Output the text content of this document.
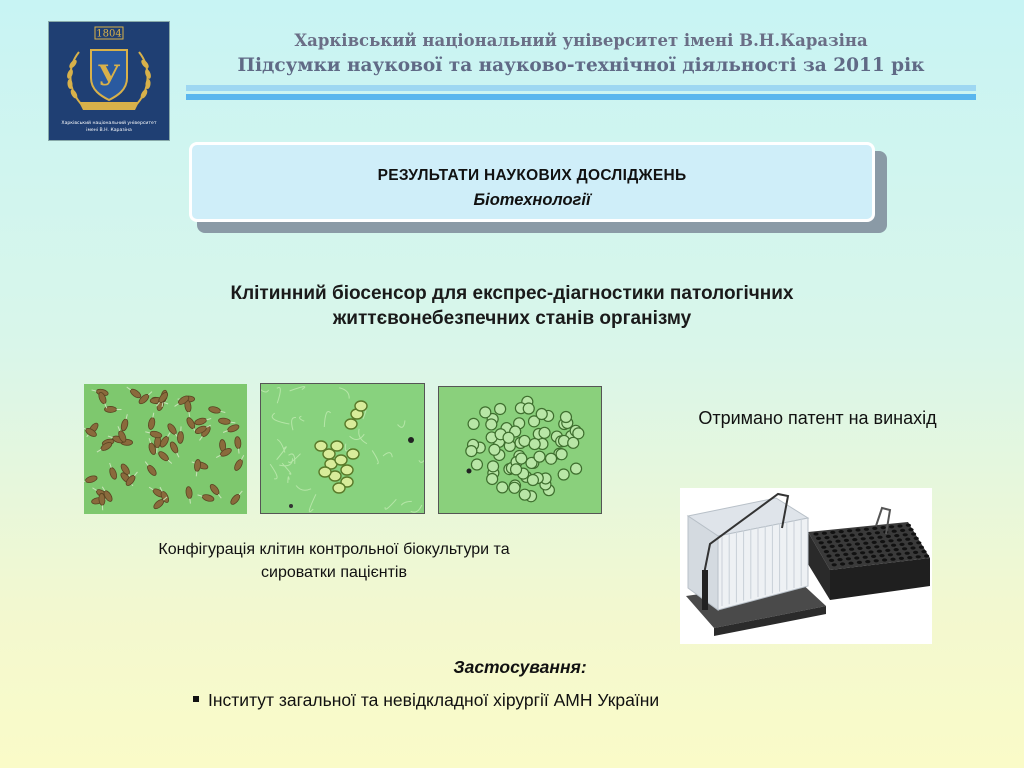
1804
У
Харківський національний університет
імені В.Н. Каразіна
Харківський національний університет імені В.Н.Каразіна
Підсумки наукової та науково-технічної діяльності за 2011 рік
РЕЗУЛЬТАТИ НАУКОВИХ ДОСЛІДЖЕНЬ
Біотехнології
Клітинний біосенсор для експрес-діагностики патологічних
життєвонебезпечних станів організму
Конфігурація клітин контрольної біокультури та
сироватки пацієнтів
Отримано патент на винахід
Застосування:
Інститут загальної та невідкладної хірургії АМН України
